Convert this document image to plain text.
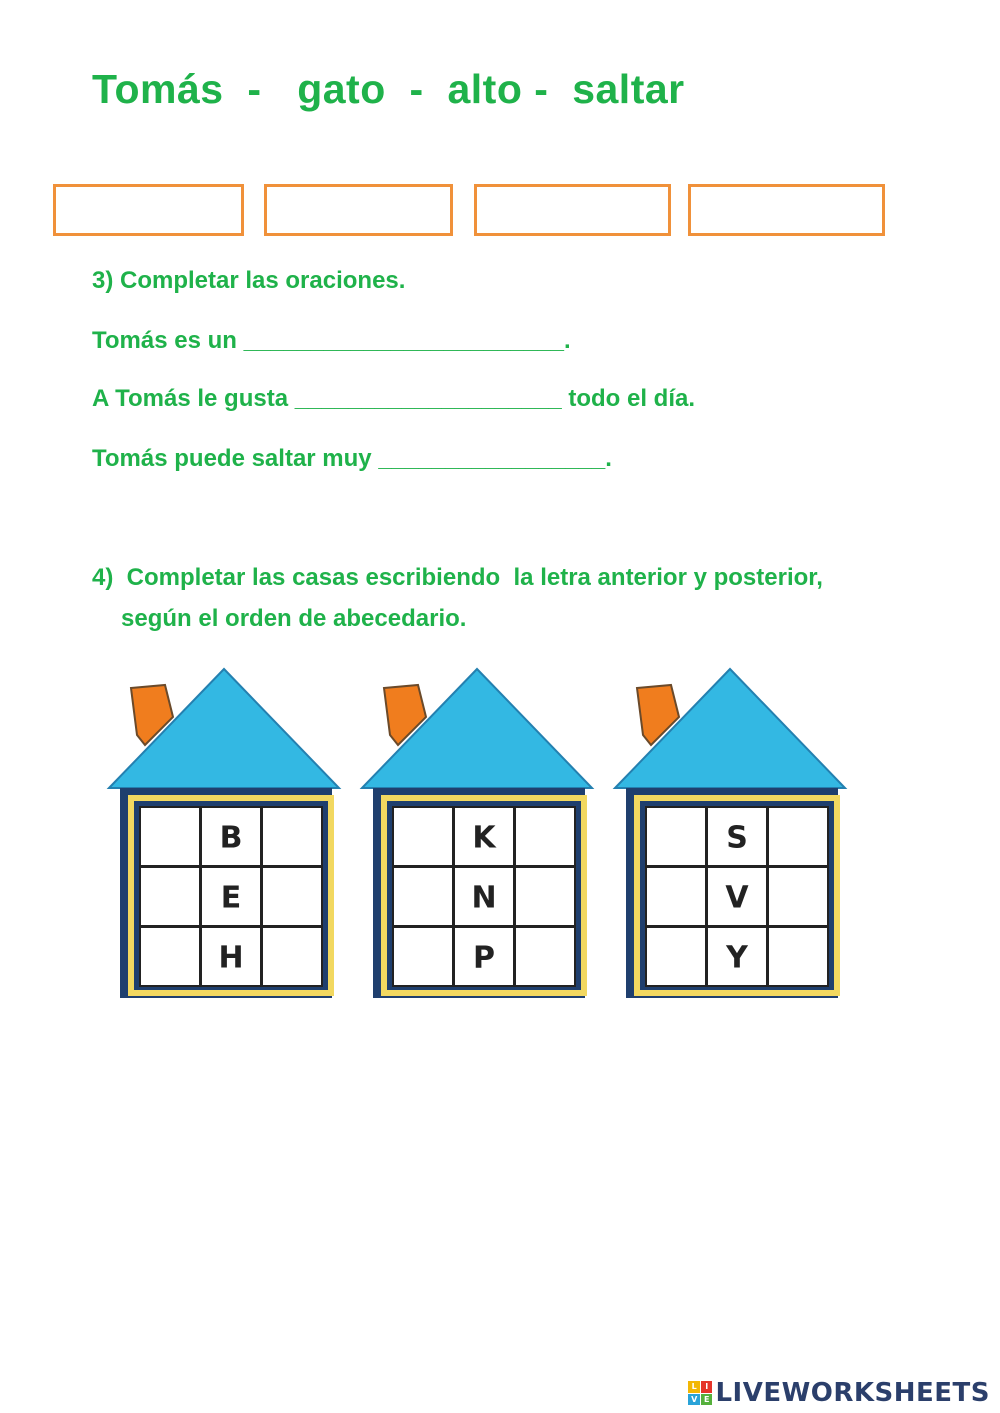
Tomás  -   gato  -  alto -  saltar
3) Completar las oraciones.
Tomás es un ________________________.
A Tomás le gusta ____________________ todo el día.
Tomás puede saltar muy _________________.
4)  Completar las casas escribiendo  la letra anterior y posterior,
según el orden de abecedario.
B
E
H
K
N
P
S
V
Y
L	I
V E LIVEWORKSHEETS
